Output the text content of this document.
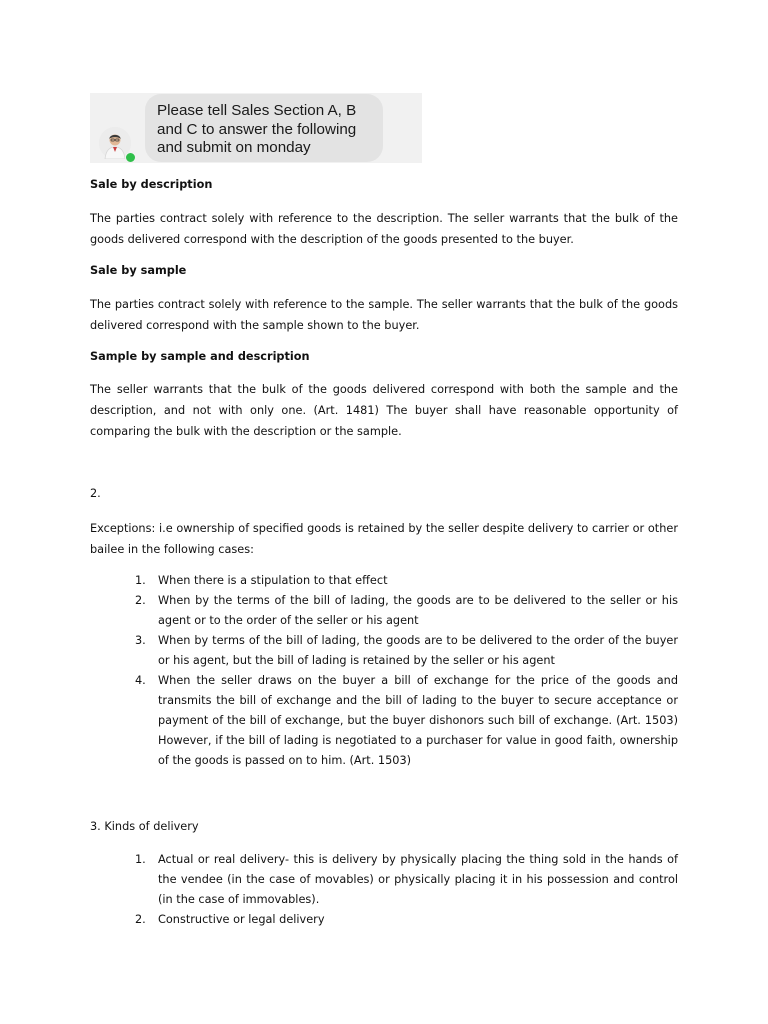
Please tell Sales Section A, B
and C to answer the following
and submit on monday
Sale by description
The parties contract solely with reference to the description. The seller warrants that the bulk of the goods delivered correspond with the description of the goods presented to the buyer.
Sale by sample
The parties contract solely with reference to the sample. The seller warrants that the bulk of the goods delivered correspond with the sample shown to the buyer.
Sample by sample and description
The seller warrants that the bulk of the goods delivered correspond with both the sample and the description, and not with only one. (Art. 1481) The buyer shall have reasonable opportunity of comparing the bulk with the description or the sample.
2.
Exceptions: i.e ownership of specified goods is retained by the seller despite delivery to carrier or other bailee in the following cases:
1. When there is a stipulation to that effect
2. When by the terms of the bill of lading, the goods are to be delivered to the seller or his agent or to the order of the seller or his agent
3. When by terms of the bill of lading, the goods are to be delivered to the order of the buyer or his agent, but the bill of lading is retained by the seller or his agent
4. When the seller draws on the buyer a bill of exchange for the price of the goods and transmits the bill of exchange and the bill of lading to the buyer to secure acceptance or payment of the bill of exchange, but the buyer dishonors such bill of exchange. (Art. 1503) However, if the bill of lading is negotiated to a purchaser for value in good faith, ownership of the goods is passed on to him. (Art. 1503)
3. Kinds of delivery
1. Actual or real delivery- this is delivery by physically placing the thing sold in the hands of the vendee (in the case of movables) or physically placing it in his possession and control (in the case of immovables).
2. Constructive or legal delivery
